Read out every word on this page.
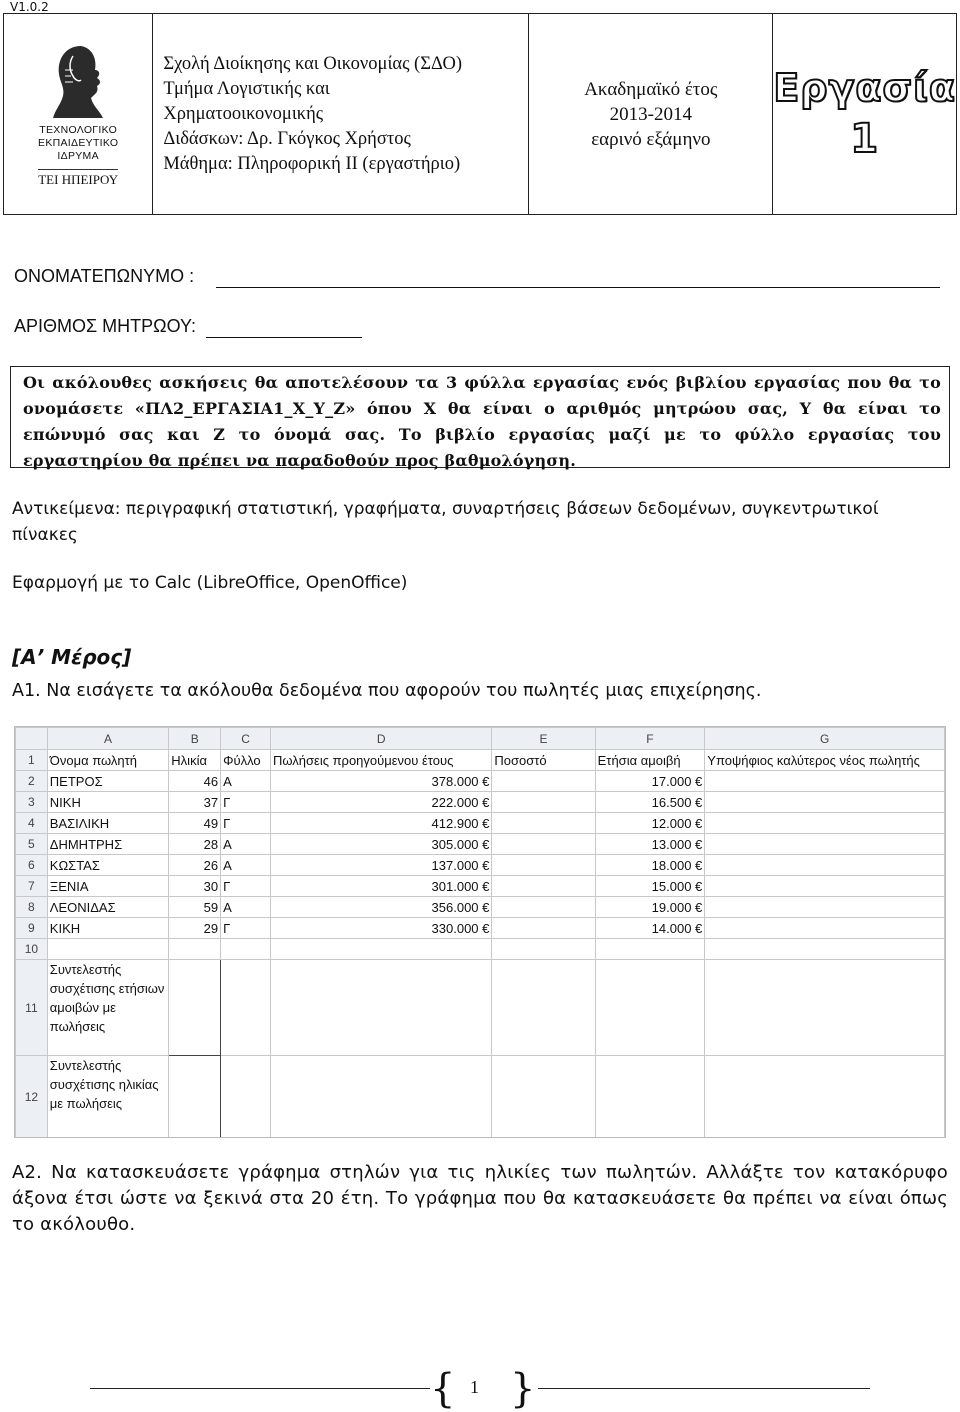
V1.0.2
ΤΕΧΝΟΛΟΓΙΚΟ
ΕΚΠΑΙΔΕΥΤΙΚΟ
ΙΔΡΥΜΑ
ΤΕΙ ΗΠΕΙΡΟΥ
Σχολή Διοίκησης και Οικονομίας (ΣΔΟ)
Τμήμα Λογιστικής και
Χρηματοοικονομικής
Διδάσκων: Δρ. Γκόγκος Χρήστος
Μάθημα: Πληροφορική ΙΙ (εργαστήριο)
Ακαδημαϊκό έτος
2013-2014
εαρινό εξάμηνο
Εργασία
1
ΟΝΟΜΑΤΕΠΩΝΥΜΟ :
ΑΡΙΘΜΟΣ ΜΗΤΡΩΟΥ:
Οι ακόλουθες ασκήσεις θα αποτελέσουν τα 3 φύλλα εργασίας ενός βιβλίου εργασίας που θα το ονομάσετε «ΠΛ2_ΕΡΓΑΣΙΑ1_Χ_Υ_Ζ» όπου Χ θα είναι ο αριθμός μητρώου σας, Υ θα είναι το επώνυμό σας και Ζ το όνομά σας. Το βιβλίο εργασίας μαζί με το φύλλο εργασίας του εργαστηρίου θα πρέπει να παραδοθούν προς βαθμολόγηση.
Αντικείμενα: περιγραφική στατιστική, γραφήματα, συναρτήσεις βάσεων δεδομένων, συγκεντρωτικοί πίνακες
Εφαρμογή με το Calc (LibreOffice, OpenOffice)
[Α’ Μέρος]
Α1. Να εισάγετε τα ακόλουθα δεδομένα που αφορούν του πωλητές μιας επιχείρησης.
	A	B	C	D	E	F	G
1	Όνομα πωλητή	Ηλικία	Φύλλο	Πωλήσεις προηγούμενου έτους	Ποσοστό	Ετήσια αμοιβή	Υποψήφιος καλύτερος νέος πωλητής
2	ΠΕΤΡΟΣ	46	Α	378.000 €		17.000 €	
3	ΝΙΚΗ	37	Γ	222.000 €		16.500 €	
4	ΒΑΣΙΛΙΚΗ	49	Γ	412.900 €		12.000 €	
5	ΔΗΜΗΤΡΗΣ	28	Α	305.000 €		13.000 €	
6	ΚΩΣΤΑΣ	26	Α	137.000 €		18.000 €	
7	ΞΕΝΙΑ	30	Γ	301.000 €		15.000 €	
8	ΛΕΟΝΙΔΑΣ	59	Α	356.000 €		19.000 €	
9	ΚΙΚΗ	29	Γ	330.000 €		14.000 €	
10							
11	Συντελεστής συσχέτισης ετήσιων αμοιβών με πωλήσεις						
12	Συντελεστής συσχέτισης ηλικίας με πωλήσεις						
Α2. Να κατασκευάσετε γράφημα στηλών για τις ηλικίες των πωλητών. Αλλάξτε τον κατακόρυφο άξονα έτσι ώστε να ξεκινά στα 20 έτη. Το γράφημα που θα κατασκευάσετε θα πρέπει να είναι όπως το ακόλουθο.
{ 1 }
